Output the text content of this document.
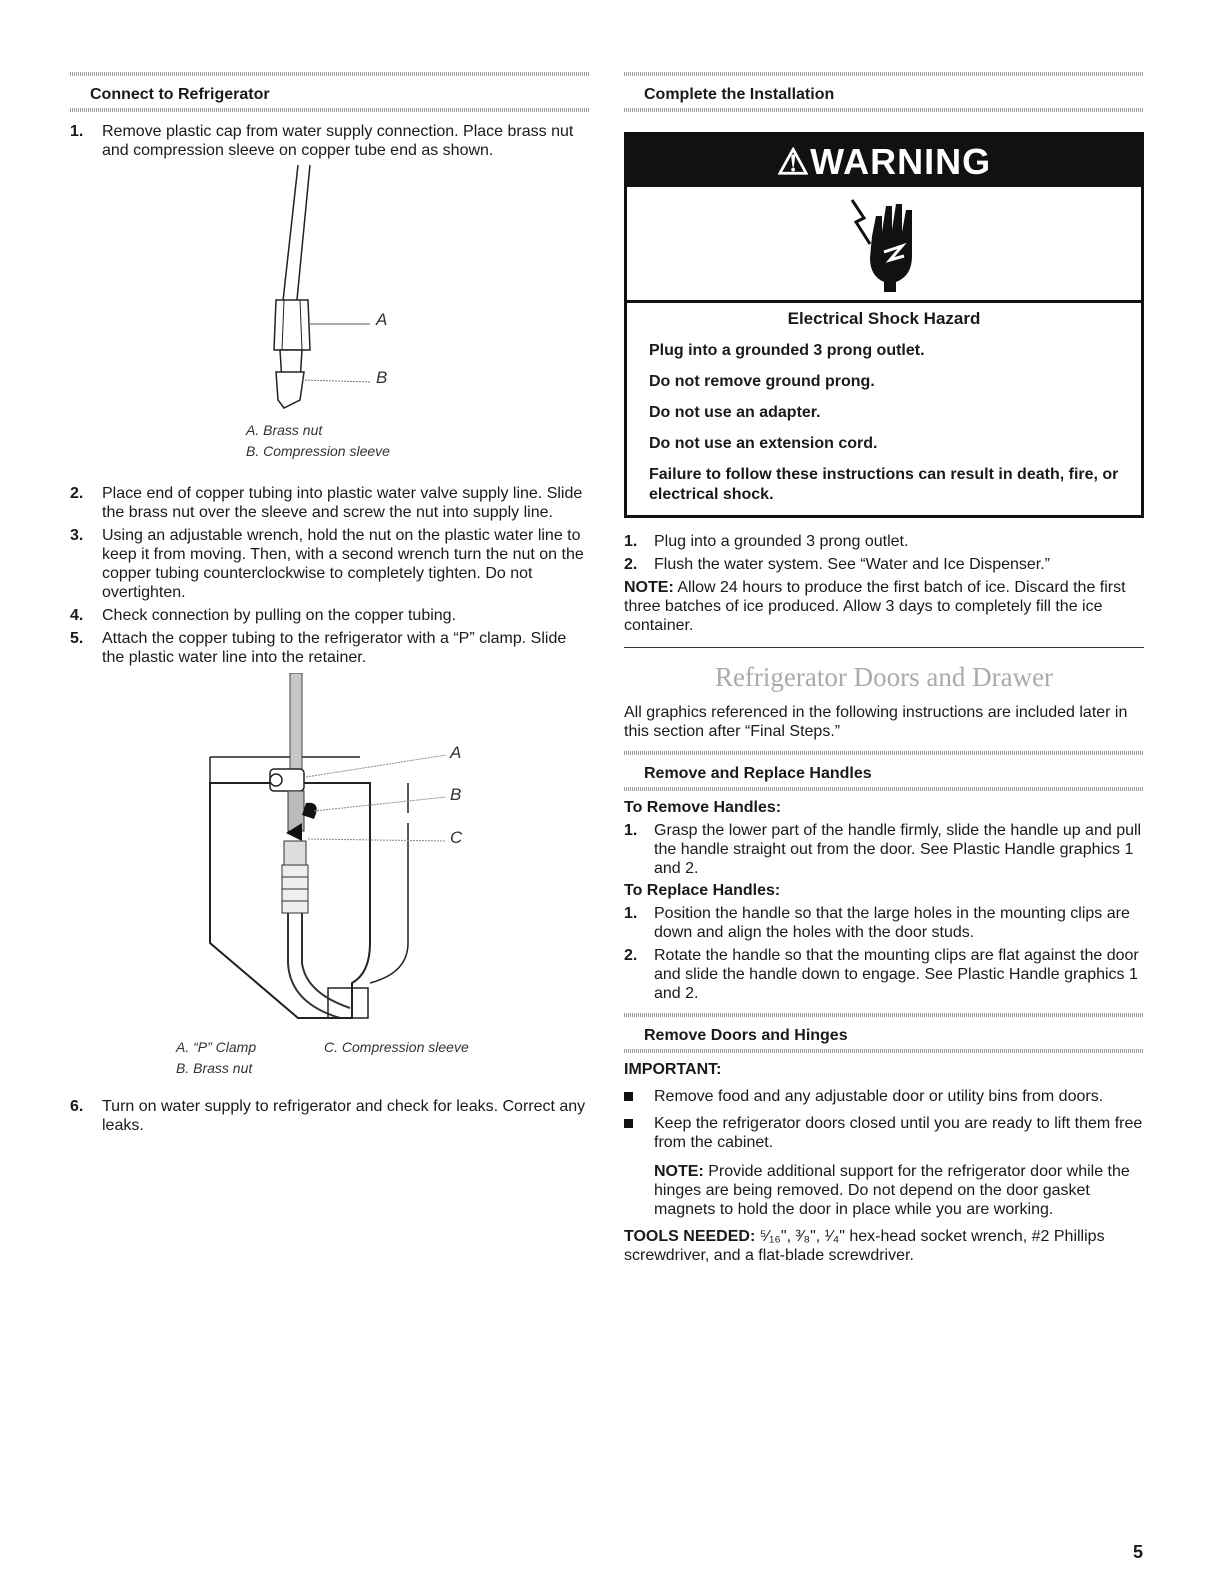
Connect to Refrigerator
1.	Remove plastic cap from water supply connection. Place brass nut and compression sleeve on copper tube end as shown.
A
B
A. Brass nut
B. Compression sleeve
2.	Place end of copper tubing into plastic water valve supply line. Slide the brass nut over the sleeve and screw the nut into supply line.
3.	Using an adjustable wrench, hold the nut on the plastic water line to keep it from moving. Then, with a second wrench turn the nut on the copper tubing counterclockwise to completely tighten. Do not overtighten.
4.	Check connection by pulling on the copper tubing.
5.	Attach the copper tubing to the refrigerator with a “P” clamp. Slide the plastic water line into the retainer.
A
B
C
A. “P” Clamp	C. Compression sleeve
B. Brass nut
6.	Turn on water supply to refrigerator and check for leaks. Correct any leaks.
Complete the Installation
⚠WARNING
Electrical Shock Hazard
Plug into a grounded 3 prong outlet.
Do not remove ground prong.
Do not use an adapter.
Do not use an extension cord.
Failure to follow these instructions can result in death, fire, or electrical shock.
1.	Plug into a grounded 3 prong outlet.
2.	Flush the water system. See “Water and Ice Dispenser.”
NOTE: Allow 24 hours to produce the first batch of ice. Discard the first three batches of ice produced. Allow 3 days to completely fill the ice container.
Refrigerator Doors and Drawer
All graphics referenced in the following instructions are included later in this section after “Final Steps.”
Remove and Replace Handles
To Remove Handles:
1.	Grasp the lower part of the handle firmly, slide the handle up and pull the handle straight out from the door. See Plastic Handle graphics 1 and 2.
To Replace Handles:
1.	Position the handle so that the large holes in the mounting clips are down and align the holes with the door studs.
2.	Rotate the handle so that the mounting clips are flat against the door and slide the handle down to engage. See Plastic Handle graphics 1 and 2.
Remove Doors and Hinges
IMPORTANT:
Remove food and any adjustable door or utility bins from doors.
Keep the refrigerator doors closed until you are ready to lift them free from the cabinet.
NOTE: Provide additional support for the refrigerator door while the hinges are being removed. Do not depend on the door gasket magnets to hold the door in place while you are working.
TOOLS NEEDED: ⁵⁄₁₆", ³⁄₈", ¹⁄₄" hex-head socket wrench, #2 Phillips screwdriver, and a flat-blade screwdriver.
5
